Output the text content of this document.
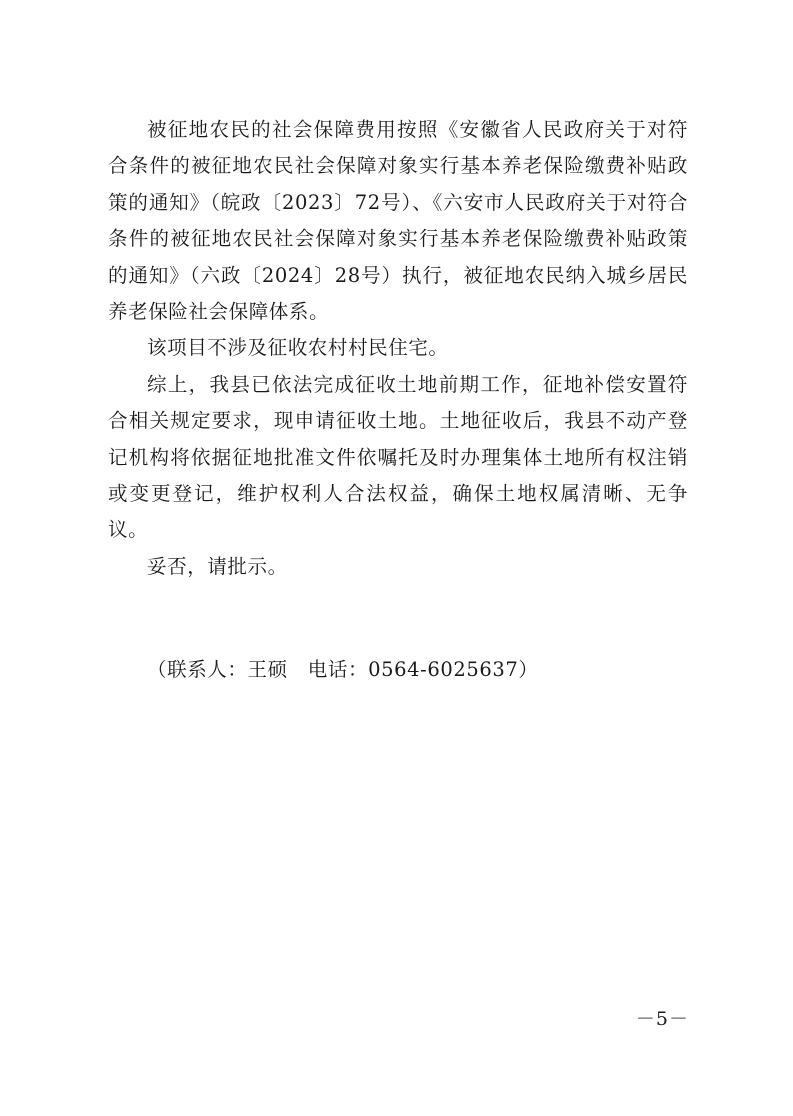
被征地农民的社会保障费用按照《安徽省人民政府关于对符合条件的被征地农民社会保障对象实行基本养老保险缴费补贴政策的通知》（皖政〔2023〕72号）、《六安市人民政府关于对符合条件的被征地农民社会保障对象实行基本养老保险缴费补贴政策的通知》（六政〔2024〕28号）执行，被征地农民纳入城乡居民养老保险社会保障体系。

该项目不涉及征收农村村民住宅。

综上，我县已依法完成征收土地前期工作，征地补偿安置符合相关规定要求，现申请征收土地。土地征收后，我县不动产登记机构将依据征地批准文件依嘱托及时办理集体土地所有权注销或变更登记，维护权利人合法权益，确保土地权属清晰、无争议。

妥否，请批示。

（联系人：王硕　电话：0564-6025637）
－5－
